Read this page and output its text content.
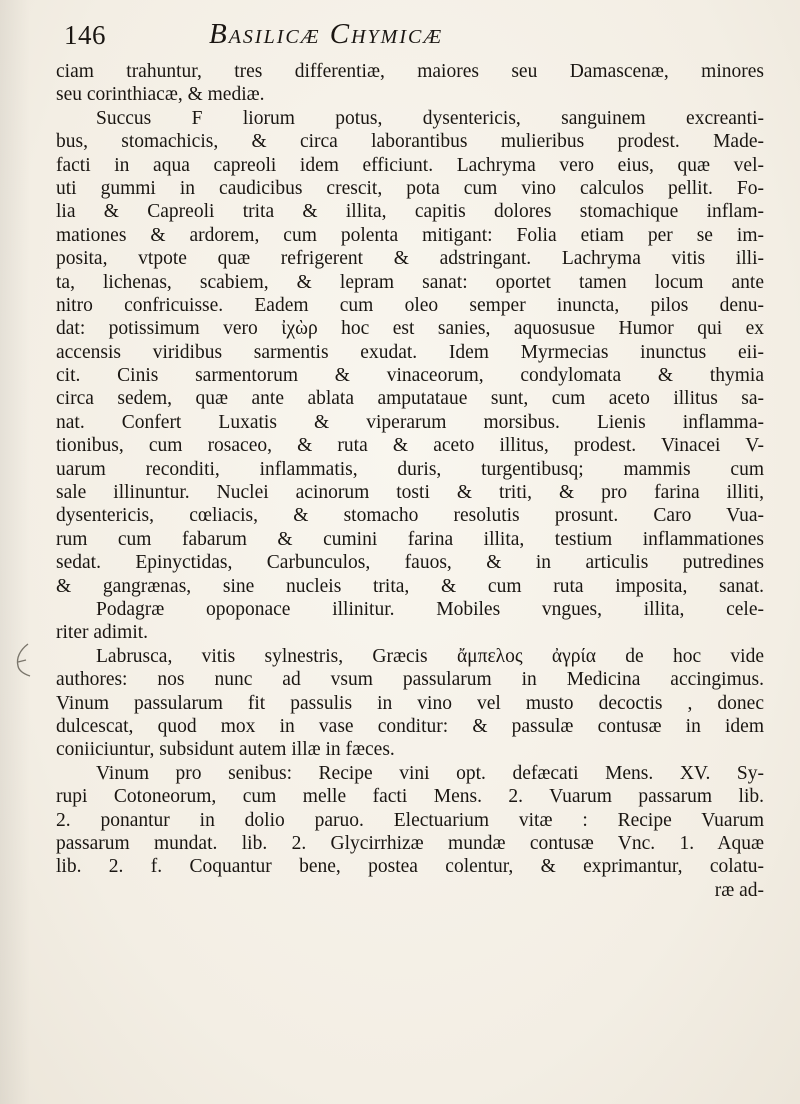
146	Basilicæ Chymicæ
ciam trahuntur, tres differentiæ, maiores seu Damascenæ, minores
seu corinthiacæ, & mediæ.
Succus F liorum potus, dysentericis, sanguinem excreanti-
bus, stomachicis, & circa laborantibus mulieribus prodest. Made-
facti in aqua capreoli idem efficiunt. Lachryma vero eius, quæ vel-
uti gummi in caudicibus crescit, pota cum vino calculos pellit. Fo-
lia & Capreoli trita & illita, capitis dolores stomachique inflam-
mationes & ardorem, cum polenta mitigant: Folia etiam per se im-
posita, vtpote quæ refrigerent & adstringant. Lachryma vitis illi-
ta, lichenas, scabiem, & lepram sanat: oportet tamen locum ante
nitro confricuisse. Eadem cum oleo semper inuncta, pilos denu-
dat: potissimum vero ἰχὼρ hoc est sanies, aquosusue Humor qui ex
accensis viridibus sarmentis exudat. Idem Myrmecias inunctus eii-
cit. Cinis sarmentorum & vinaceorum, condylomata & thymia
circa sedem, quæ ante ablata amputataue sunt, cum aceto illitus sa-
nat. Confert Luxatis & viperarum morsibus. Lienis inflamma-
tionibus, cum rosaceo, & ruta & aceto illitus, prodest. Vinacei V-
uarum reconditi, inflammatis, duris, turgentibusq; mammis cum
sale illinuntur. Nuclei acinorum tosti & triti, & pro farina illiti,
dysentericis, cœliacis, & stomacho resolutis prosunt. Caro Vua-
rum cum fabarum & cumini farina illita, testium inflammationes
sedat. Epinyctidas, Carbunculos, fauos, & in articulis putredines
& gangrænas, sine nucleis trita, & cum ruta imposita, sanat.
Podagræ opoponace illinitur. Mobiles vngues, illita, cele-
riter adimit.
Labrusca, vitis sylnestris, Græcis ἄμπελος ἀγρία de hoc vide
authores: nos nunc ad vsum passularum in Medicina accingimus.
Vinum passularum fit passulis in vino vel musto decoctis , donec
dulcescat, quod mox in vase conditur: & passulæ contusæ in idem
coniiciuntur, subsidunt autem illæ in fæces.
Vinum pro senibus: Recipe vini opt. defæcati Mens. XV. Sy-
rupi Cotoneorum, cum melle facti Mens. 2. Vuarum passarum lib.
2. ponantur in dolio paruo. Electuarium vitæ : Recipe Vuarum
passarum mundat. lib. 2. Glycirrhizæ mundæ contusæ Vnc. 1. Aquæ
lib. 2. f. Coquantur bene, postea colentur, & exprimantur, colatu-
ræ ad-
